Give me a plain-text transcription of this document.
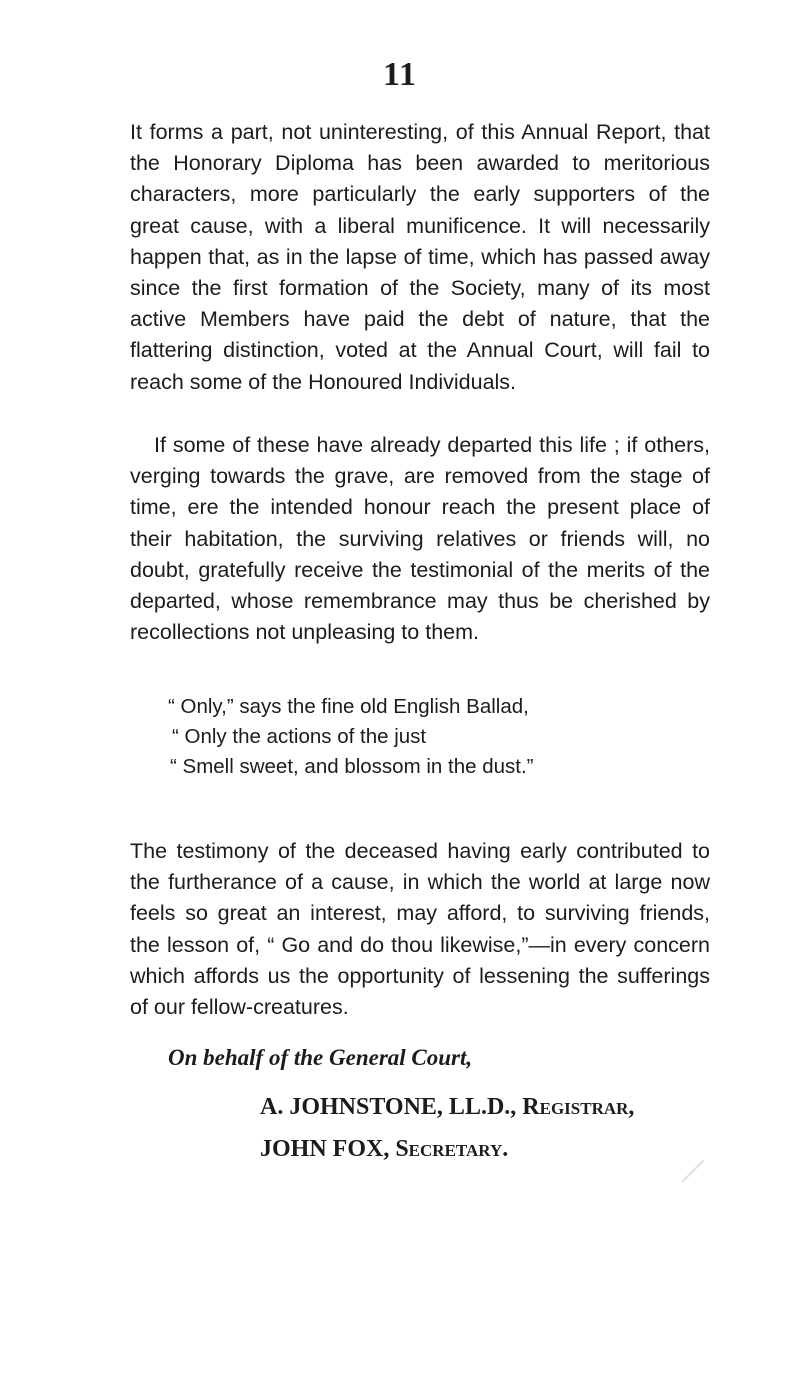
11

It forms a part, not uninteresting, of this Annual Report, that the Honorary Diploma has been awarded to meritorious characters, more particularly the early supporters of the great cause, with a liberal munificence. It will necessarily happen that, as in the lapse of time, which has passed away since the first formation of the Society, many of its most active Members have paid the debt of nature, that the flattering distinction, voted at the Annual Court, will fail to reach some of the Honoured Individuals.

If some of these have already departed this life ; if others, verging towards the grave, are removed from the stage of time, ere the intended honour reach the present place of their habitation, the surviving relatives or friends will, no doubt, gratefully receive the testimonial of the merits of the departed, whose remembrance may thus be cherished by recollections not unpleasing to them.

“ Only,” says the fine old English Ballad,
“ Only the actions of the just
“ Smell sweet, and blossom in the dust.”

The testimony of the deceased having early contributed to the furtherance of a cause, in which the world at large now feels so great an interest, may afford, to surviving friends, the lesson of, “ Go and do thou likewise,”—in every concern which affords us the opportunity of lessening the sufferings of our fellow-creatures.

On behalf of the General Court,
A. JOHNSTONE, LL.D., Registrar,
JOHN FOX, Secretary.
